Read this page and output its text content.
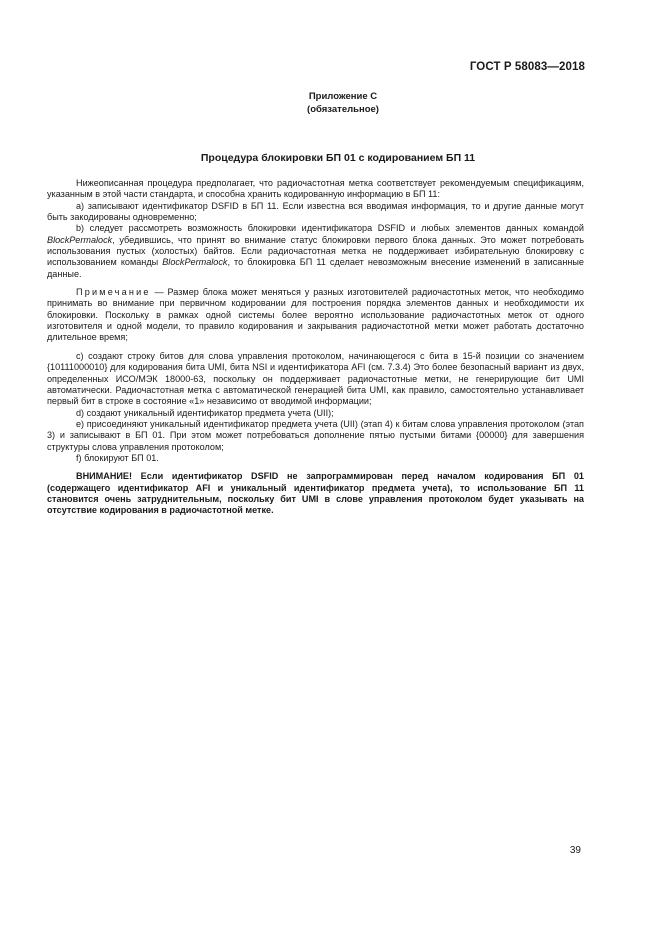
ГОСТ Р 58083—2018
Приложение С
(обязательное)
Процедура блокировки БП 01 с кодированием БП 11
Нижеописанная процедура предполагает, что радиочастотная метка соответствует рекомендуемым спецификациям, указанным в этой части стандарта, и способна хранить кодированную информацию в БП 11:
a) записывают идентификатор DSFID в БП 11. Если известна вся вводимая информация, то и другие данные могут быть закодированы одновременно;
b) следует рассмотреть возможность блокировки идентификатора DSFID и любых элементов данных командой BlockPermalock, убедившись, что принят во внимание статус блокировки первого блока данных. Это может потребовать использования пустых (холостых) байтов. Если радиочастотная метка не поддерживает избирательную блокировку с использованием команды BlockPermalock, то блокировка БП 11 сделает невозможным внесение изменений в записанные данные.
Примечание — Размер блока может меняться у разных изготовителей радиочастотных меток, что необходимо принимать во внимание при первичном кодировании для построения порядка элементов данных и необходимости их блокировки. Поскольку в рамках одной системы более вероятно использование радиочастотных меток от одного изготовителя и одной модели, то правило кодирования и закрывания радиочастотной метки может работать достаточно длительное время;
c) создают строку битов для слова управления протоколом, начинающегося с бита в 15-й позиции со значением {10111000010} для кодирования бита UMI, бита NSI и идентификатора AFI (см. 7.3.4) Это более безопасный вариант из двух, определенных ИСО/МЭК 18000-63, поскольку он поддерживает радиочастотные метки, не генерирующие бит UMI автоматически. Радиочастотная метка с автоматической генерацией бита UMI, как правило, самостоятельно устанавливает первый бит в строке в состояние «1» независимо от вводимой информации;
d) создают уникальный идентификатор предмета учета (UII);
e) присоединяют уникальный идентификатор предмета учета (UII) (этап 4) к битам слова управления протоколом (этап 3) и записывают в БП 01. При этом может потребоваться дополнение пятью пустыми битами {00000} для завершения структуры слова управления протоколом;
f) блокируют БП 01.
ВНИМАНИЕ! Если идентификатор DSFID не запрограммирован перед началом кодирования БП 01 (содержащего идентификатор AFI и уникальный идентификатор предмета учета), то использование БП 11 становится очень затруднительным, поскольку бит UMI в слове управления протоколом будет указывать на отсутствие кодирования в радиочастотной метке.
39
